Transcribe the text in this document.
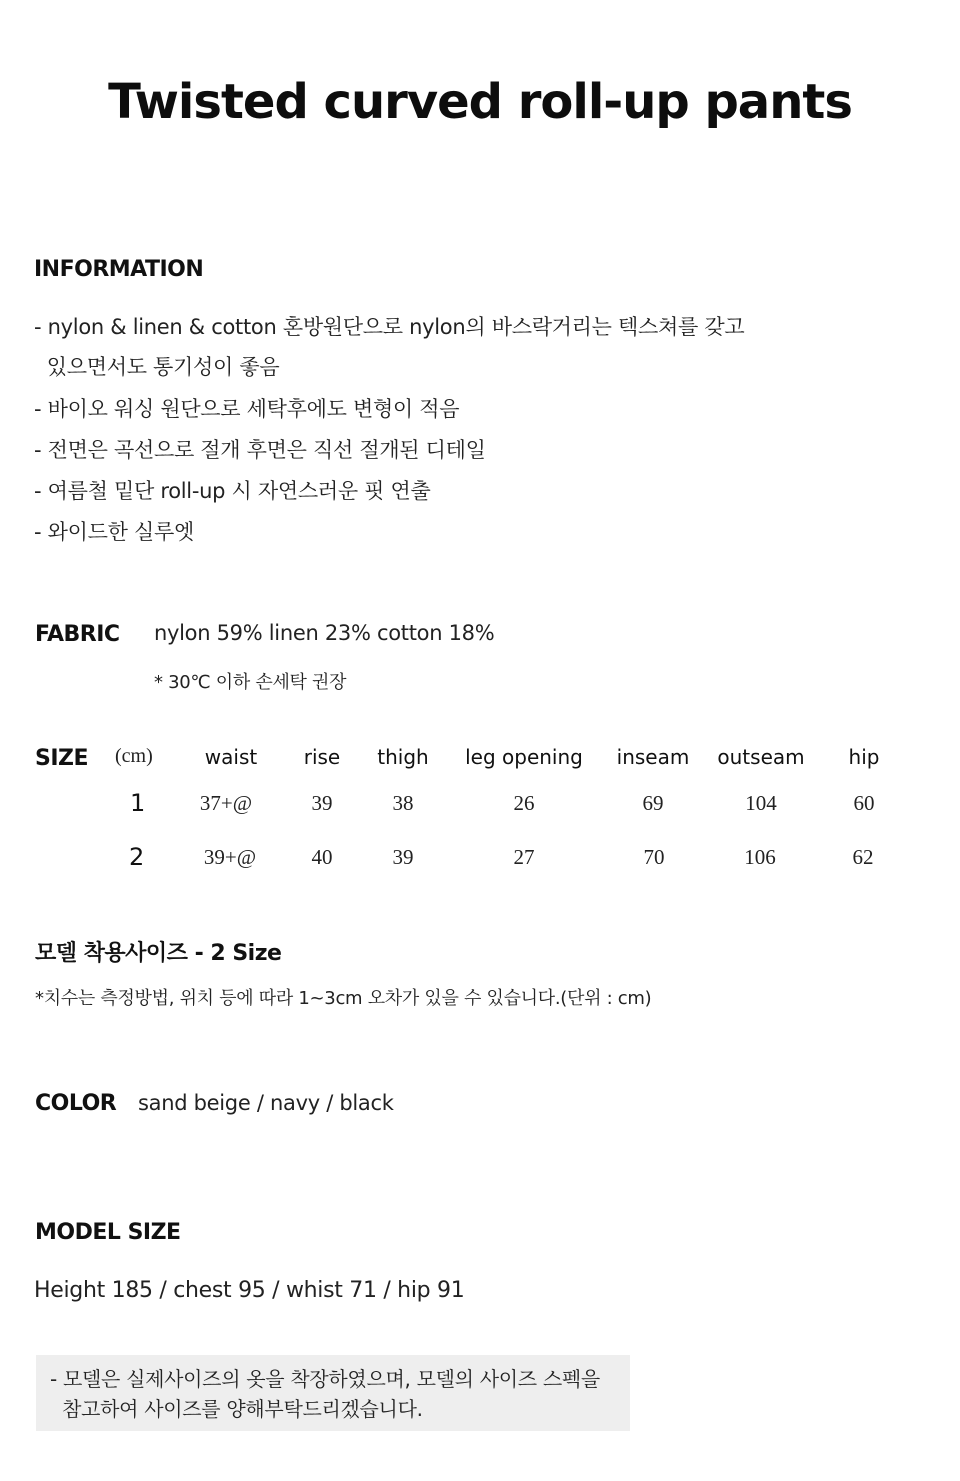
Twisted curved roll-up pants
INFORMATION
- nylon & linen & cotton 혼방원단으로 nylon의 바스락거리는 텍스쳐를 갖고
있으면서도 통기성이 좋음
- 바이오 워싱 원단으로 세탁후에도 변형이 적음
- 전면은 곡선으로 절개 후면은 직선 절개된 디테일
- 여름철 밑단 roll-up 시 자연스러운 핏 연출
- 와이드한 실루엣
FABRIC nylon 59% linen 23% cotton 18%
* 30℃ 이하 손세탁 권장
SIZE (cm)	waist	rise	thigh	leg opening	inseam	outseam	hip
1	37+@	39	38	26	69	104	60
2	39+@	40	39	27	70	106	62
모델 착용사이즈 - 2 Size
*치수는 측정방법, 위치 등에 따라 1~3cm 오차가 있을 수 있습니다.(단위 : cm)
COLOR sand beige / navy / black
MODEL SIZE
Height 185 / chest 95 / whist 71 / hip 91
- 모델은 실제사이즈의 옷을 착장하였으며, 모델의 사이즈 스펙을
참고하여 사이즈를 양해부탁드리겠습니다.
